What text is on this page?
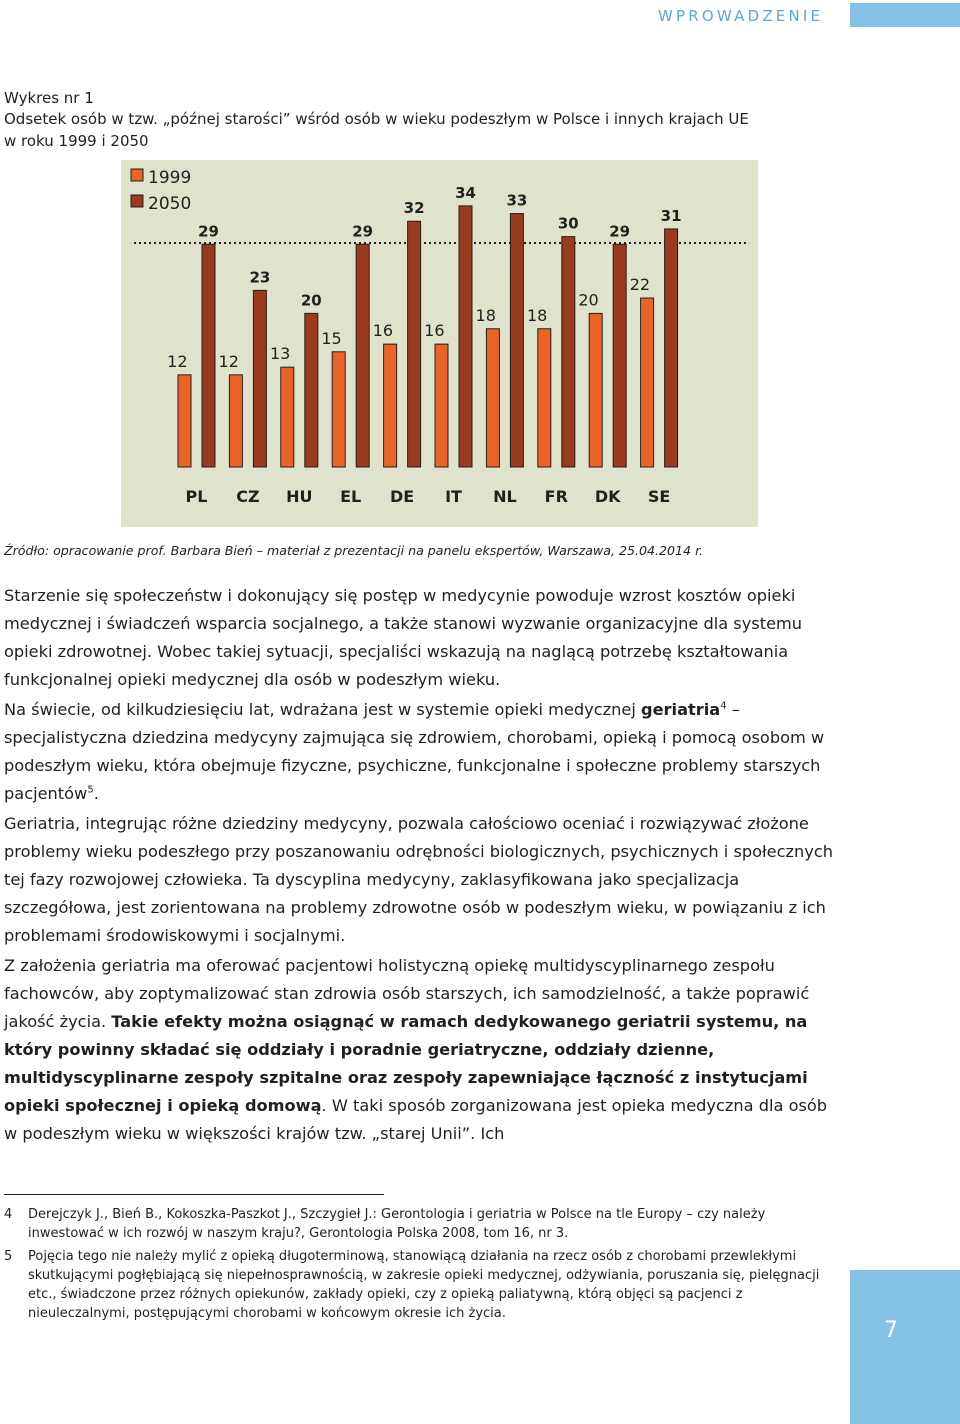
WPROWADZENIE
Wykres nr 1
Odsetek osób w tzw. „późnej starości” wśród osób w wieku podeszłym w Polsce i innych krajach UE w roku 1999 i 2050
1999
2050
12
29
PL
12
23
CZ
13
20
HU
15
29
EL
16
32
DE
16
34
IT
18
33
NL
18
30
FR
20
29
DK
22
31
SE
Źródło: opracowanie prof. Barbara Bień – materiał z prezentacji na panelu ekspertów, Warszawa, 25.04.2014 r.

Starzenie się społeczeństw i dokonujący się postęp w medycynie powoduje wzrost kosztów opieki medycznej i świadczeń wsparcia socjalnego, a także stanowi wyzwanie organizacyjne dla systemu opieki zdrowotnej. Wobec takiej sytuacji, specjaliści wskazują na naglącą potrzebę kształtowania funkcjonalnej opieki medycznej dla osób w podeszłym wieku.

Na świecie, od kilkudziesięciu lat, wdrażana jest w systemie opieki medycznej geriatria$^4$ – specjalistyczna dziedzina medycyny zajmująca się zdrowiem, chorobami, opieką i pomocą osobom w podeszłym wieku, która obejmuje fizyczne, psychiczne, funkcjonalne i społeczne problemy starszych pacjentów$^5$.

Geriatria, integrując różne dziedziny medycyny, pozwala całościowo oceniać i rozwiązywać złożone problemy wieku podeszłego przy poszanowaniu odrębności biologicznych, psychicznych i społecznych tej fazy rozwojowej człowieka. Ta dyscyplina medycyny, zaklasyfikowana jako specjalizacja szczegółowa, jest zorientowana na problemy zdrowotne osób w podeszłym wieku, w powiązaniu z ich problemami środowiskowymi i socjalnymi.

Z założenia geriatria ma oferować pacjentowi holistyczną opiekę multidyscyplinarnego zespołu fachowców, aby zoptymalizować stan zdrowia osób starszych, ich samodzielność, a także poprawić jakość życia. Takie efekty można osiągnąć w ramach dedykowanego geriatrii systemu, na który powinny składać się oddziały i poradnie geriatryczne, oddziały dzienne, multidyscyplinarne zespoły szpitalne oraz zespoły zapewniające łączność z instytucjami opieki społecznej i opieką domową. W taki sposób zorganizowana jest opieka medyczna dla osób w podeszłym wieku w większości krajów tzw. „starej Unii”. Ich

4	Derejczyk J., Bień B., Kokoszka-Paszkot J., Szczygieł J.: Gerontologia i geriatria w Polsce na tle Europy – czy należy inwestować w ich rozwój w naszym kraju?, Gerontologia Polska 2008, tom 16, nr 3.
5	Pojęcia tego nie należy mylić z opieką długoterminową, stanowiącą działania na rzecz osób z chorobami przewlekłymi skutkującymi pogłębiającą się niepełnosprawnością, w zakresie opieki medycznej, odżywiania, poruszania się, pielęgnacji etc., świadczone przez różnych opiekunów, zakłady opieki, czy z opieką paliatywną, którą objęci są pacjenci z nieuleczalnymi, postępującymi chorobami w końcowym okresie ich życia.
7
